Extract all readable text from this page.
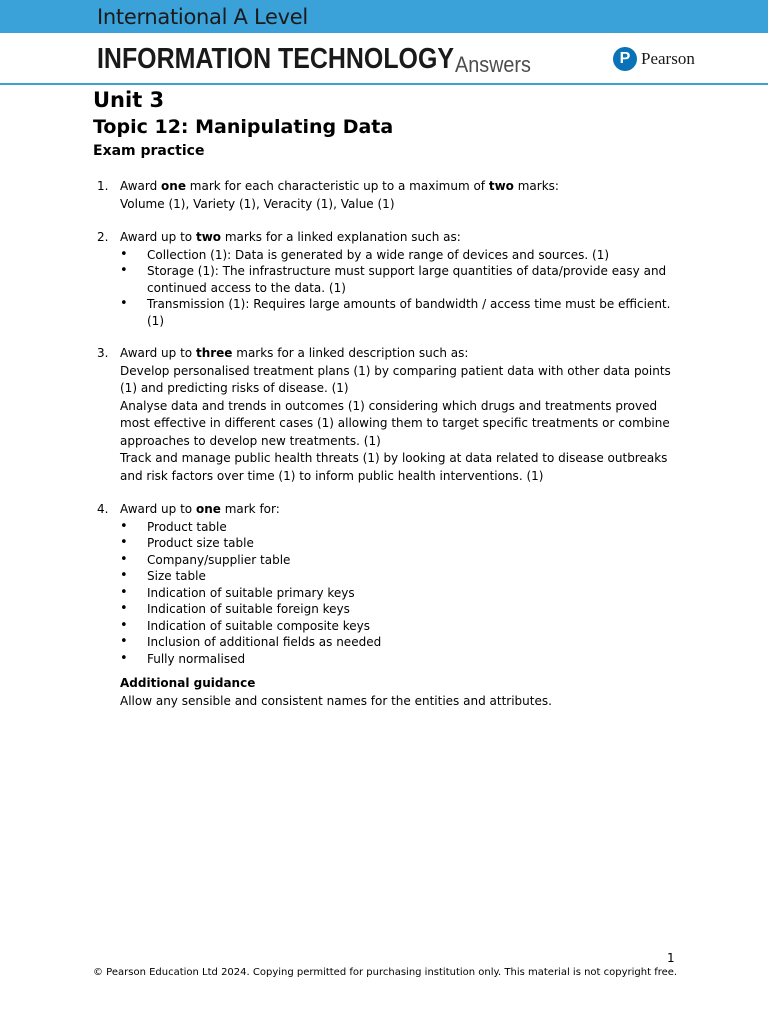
International A Level
INFORMATION TECHNOLOGY Answers	P Pearson
Unit 3
Topic 12: Manipulating Data
Exam practice
1. Award one mark for each characteristic up to a maximum of two marks:
Volume (1), Variety (1), Veracity (1), Value (1)
2. Award up to two marks for a linked explanation such as:
• Collection (1): Data is generated by a wide range of devices and sources. (1)
• Storage (1): The infrastructure must support large quantities of data/provide easy and continued access to the data. (1)
• Transmission (1): Requires large amounts of bandwidth / access time must be efficient. (1)
3. Award up to three marks for a linked description such as:
Develop personalised treatment plans (1) by comparing patient data with other data points (1) and predicting risks of disease. (1)
Analyse data and trends in outcomes (1) considering which drugs and treatments proved most effective in different cases (1) allowing them to target specific treatments or combine approaches to develop new treatments. (1)
Track and manage public health threats (1) by looking at data related to disease outbreaks and risk factors over time (1) to inform public health interventions. (1)
4. Award up to one mark for:
• Product table
• Product size table
• Company/supplier table
• Size table
• Indication of suitable primary keys
• Indication of suitable foreign keys
• Indication of suitable composite keys
• Inclusion of additional fields as needed
• Fully normalised
Additional guidance
Allow any sensible and consistent names for the entities and attributes.
1
© Pearson Education Ltd 2024. Copying permitted for purchasing institution only. This material is not copyright free.
